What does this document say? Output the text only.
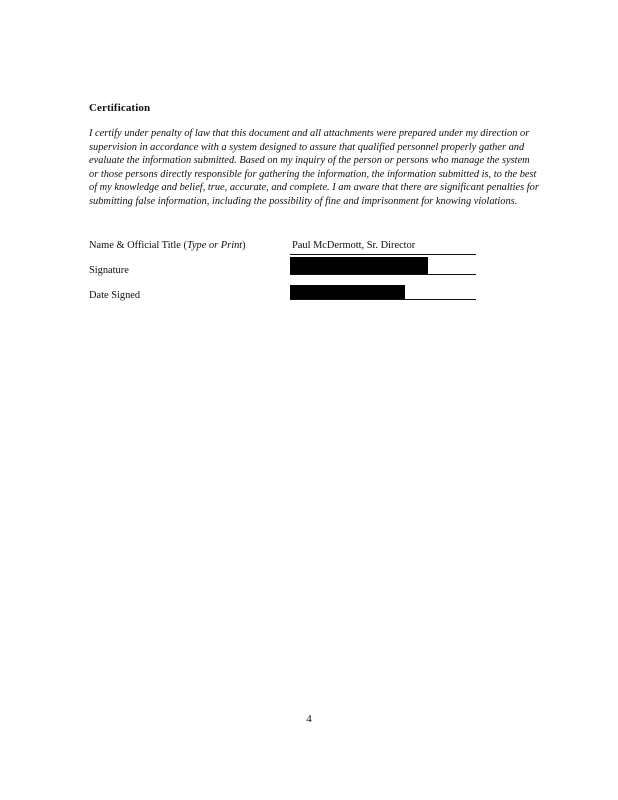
Certification
I certify under penalty of law that this document and all attachments were prepared under my direction or supervision in accordance with a system designed to assure that qualified personnel properly gather and evaluate the information submitted. Based on my inquiry of the person or persons who manage the system or those persons directly responsible for gathering the information, the information submitted is, to the best of my knowledge and belief, true, accurate, and complete. I am aware that there are significant penalties for submitting false information, including the possibility of fine and imprisonment for knowing violations.
Name & Official Title (Type or Print)	Paul McDermott, Sr. Director
Signature
Date Signed
4
